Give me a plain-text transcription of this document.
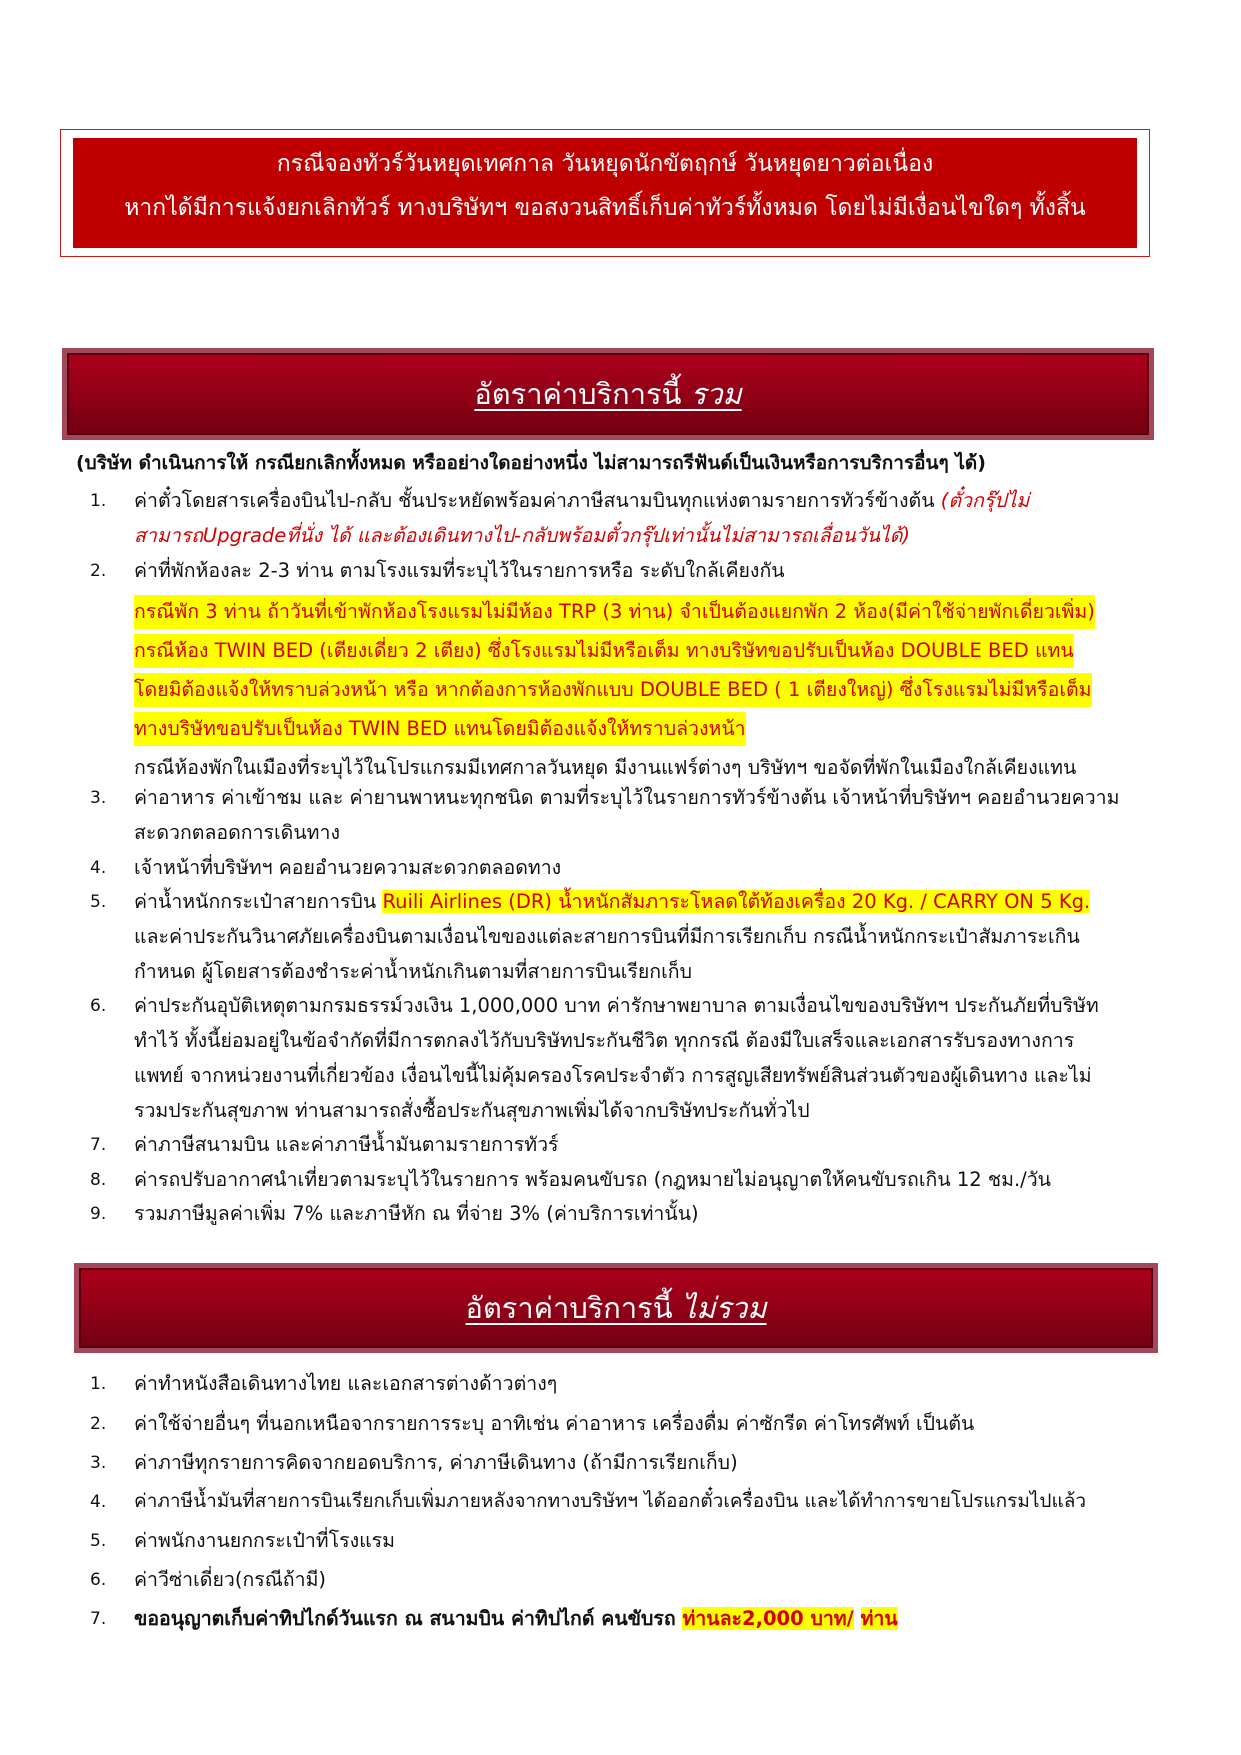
กรณีจองทัวร์วันหยุดเทศกาล วันหยุดนักขัตฤกษ์ วันหยุดยาวต่อเนื่อง
หากได้มีการแจ้งยกเลิกทัวร์ ทางบริษัทฯ ขอสงวนสิทธิ์เก็บค่าทัวร์ทั้งหมด โดยไม่มีเงื่อนไขใดๆ ทั้งสิ้น
อัตราค่าบริการนี้ รวม
(บริษัท ดำเนินการให้ กรณียกเลิกทั้งหมด หรืออย่างใดอย่างหนึ่ง ไม่สามารถรีฟันด์เป็นเงินหรือการบริการอื่นๆ ได้)
1.	ค่าตั๋วโดยสารเครื่องบินไป-กลับ ชั้นประหยัดพร้อมค่าภาษีสนามบินทุกแห่งตามรายการทัวร์ข้างต้น (ตั๋วกรุ๊ปไม่
สามารถUpgradeที่นั่ง ได้ และต้องเดินทางไป-กลับพร้อมตั๋วกรุ๊ปเท่านั้นไม่สามารถเลื่อนวันได้)
2.	ค่าที่พักห้องละ 2-3 ท่าน ตามโรงแรมที่ระบุไว้ในรายการหรือ ระดับใกล้เคียงกัน
กรณีพัก 3 ท่าน ถ้าวันที่เข้าพักห้องโรงแรมไม่มีห้อง TRP (3 ท่าน) จำเป็นต้องแยกพัก 2 ห้อง(มีค่าใช้จ่ายพักเดี่ยวเพิ่ม)
กรณีห้อง TWIN BED (เตียงเดี่ยว 2 เตียง) ซึ่งโรงแรมไม่มีหรือเต็ม ทางบริษัทขอปรับเป็นห้อง DOUBLE BED แทน
โดยมิต้องแจ้งให้ทราบล่วงหน้า หรือ หากต้องการห้องพักแบบ DOUBLE BED ( 1 เตียงใหญ่) ซึ่งโรงแรมไม่มีหรือเต็ม
ทางบริษัทขอปรับเป็นห้อง TWIN BED แทนโดยมิต้องแจ้งให้ทราบล่วงหน้า
กรณีห้องพักในเมืองที่ระบุไว้ในโปรแกรมมีเทศกาลวันหยุด มีงานแฟร์ต่างๆ บริษัทฯ ขอจัดที่พักในเมืองใกล้เคียงแทน
3.	ค่าอาหาร ค่าเข้าชม และ ค่ายานพาหนะทุกชนิด ตามที่ระบุไว้ในรายการทัวร์ข้างต้น เจ้าหน้าที่บริษัทฯ คอยอำนวยความ
สะดวกตลอดการเดินทาง
4.	เจ้าหน้าที่บริษัทฯ คอยอำนวยความสะดวกตลอดทาง
5.	ค่าน้ำหนักกระเป๋าสายการบิน Ruili Airlines (DR) น้ำหนักสัมภาระโหลดใต้ท้องเครื่อง 20 Kg. / CARRY ON 5 Kg.
และค่าประกันวินาศภัยเครื่องบินตามเงื่อนไขของแต่ละสายการบินที่มีการเรียกเก็บ กรณีน้ำหนักกระเป๋าสัมภาระเกิน
กำหนด ผู้โดยสารต้องชำระค่าน้ำหนักเกินตามที่สายการบินเรียกเก็บ
6.	ค่าประกันอุบัติเหตุตามกรมธรรม์วงเงิน 1,000,000 บาท ค่ารักษาพยาบาล ตามเงื่อนไขของบริษัทฯ ประกันภัยที่บริษัท
ทำไว้ ทั้งนี้ย่อมอยู่ในข้อจำกัดที่มีการตกลงไว้กับบริษัทประกันชีวิต ทุกกรณี ต้องมีใบเสร็จและเอกสารรับรองทางการ
แพทย์ จากหน่วยงานที่เกี่ยวข้อง เงื่อนไขนี้ไม่คุ้มครองโรคประจำตัว การสูญเสียทรัพย์สินส่วนตัวของผู้เดินทาง และไม่
รวมประกันสุขภาพ ท่านสามารถสั่งซื้อประกันสุขภาพเพิ่มได้จากบริษัทประกันทั่วไป
7.	ค่าภาษีสนามบิน และค่าภาษีน้ำมันตามรายการทัวร์
8.	ค่ารถปรับอากาศนำเที่ยวตามระบุไว้ในรายการ พร้อมคนขับรถ (กฎหมายไม่อนุญาตให้คนขับรถเกิน 12 ชม./วัน
9.	รวมภาษีมูลค่าเพิ่ม 7% และภาษีหัก ณ ที่จ่าย 3% (ค่าบริการเท่านั้น)
อัตราค่าบริการนี้ ไม่รวม
1.	ค่าทำหนังสือเดินทางไทย และเอกสารต่างด้าวต่างๆ
2.	ค่าใช้จ่ายอื่นๆ ที่นอกเหนือจากรายการระบุ อาทิเช่น ค่าอาหาร เครื่องดื่ม ค่าซักรีด ค่าโทรศัพท์ เป็นต้น
3.	ค่าภาษีทุกรายการคิดจากยอดบริการ, ค่าภาษีเดินทาง (ถ้ามีการเรียกเก็บ)
4.	ค่าภาษีน้ำมันที่สายการบินเรียกเก็บเพิ่มภายหลังจากทางบริษัทฯ ได้ออกตั๋วเครื่องบิน และได้ทำการขายโปรแกรมไปแล้ว
5.	ค่าพนักงานยกกระเป๋าที่โรงแรม
6.	ค่าวีซ่าเดี่ยว(กรณีถ้ามี)
7.	ขออนุญาตเก็บค่าทิปไกด์วันแรก ณ สนามบิน ค่าทิปไกด์ คนขับรถ ท่านละ2,000 บาท/ ท่าน
